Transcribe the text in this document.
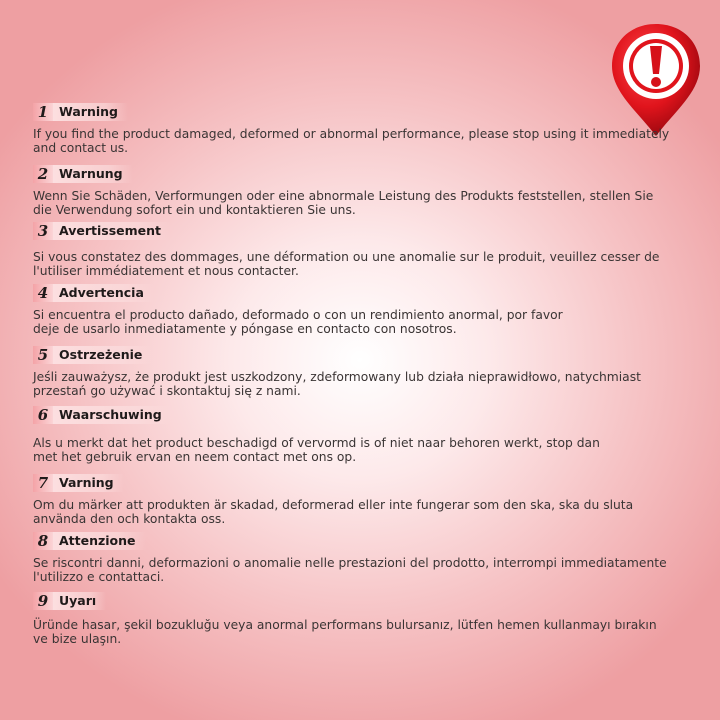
1 Warning
If you find the product damaged, deformed or abnormal performance, please stop using it immediately and contact us.
2 Warnung
Wenn Sie Schäden, Verformungen oder eine abnormale Leistung des Produkts feststellen, stellen Sie die Verwendung sofort ein und kontaktieren Sie uns.
3 Avertissement
Si vous constatez des dommages, une déformation ou une anomalie sur le produit, veuillez cesser de l'utiliser immédiatement et nous contacter.
4 Advertencia
Si encuentra el producto dañado, deformado o con un rendimiento anormal, por favor deje de usarlo inmediatamente y póngase en contacto con nosotros.
5 Ostrzeżenie
Jeśli zauważysz, że produkt jest uszkodzony, zdeformowany lub działa nieprawidłowo, natychmiast przestań go używać i skontaktuj się z nami.
6 Waarschuwing
Als u merkt dat het product beschadigd of vervormd is of niet naar behoren werkt, stop dan met het gebruik ervan en neem contact met ons op.
7 Varning
Om du märker att produkten är skadad, deformerad eller inte fungerar som den ska, ska du sluta använda den och kontakta oss.
8 Attenzione
Se riscontri danni, deformazioni o anomalie nelle prestazioni del prodotto, interrompi immediatamente l'utilizzo e contattaci.
9 Uyarı
Üründe hasar, şekil bozukluğu veya anormal performans bulursanız, lütfen hemen kullanmayı bırakın ve bize ulaşın.
